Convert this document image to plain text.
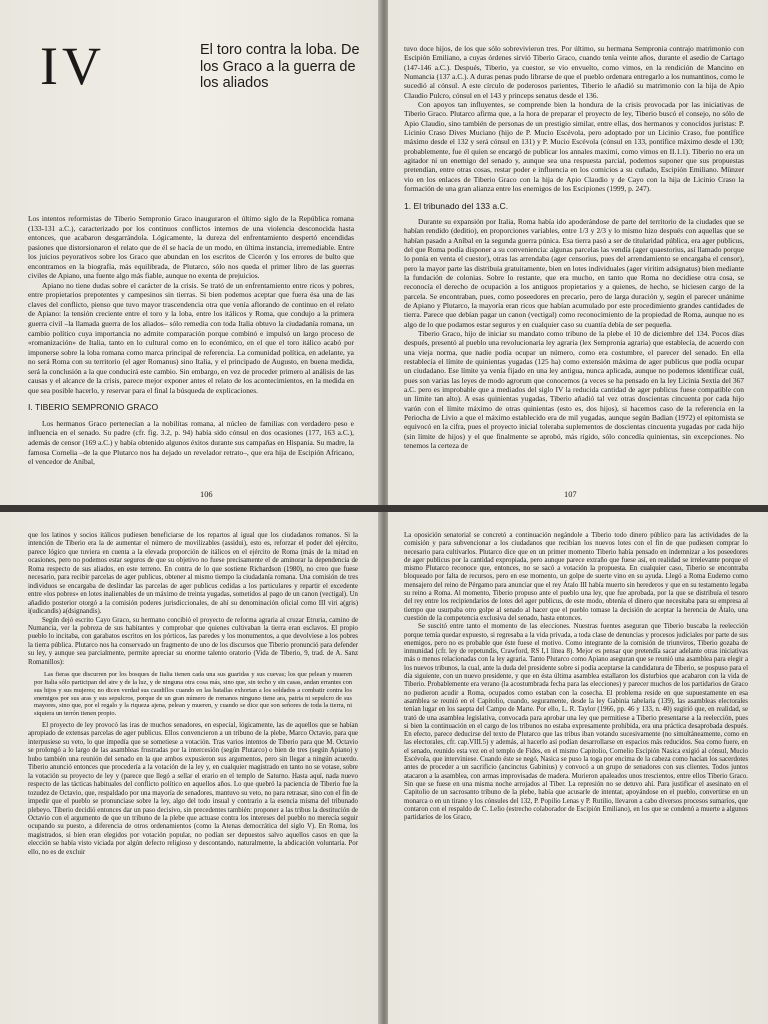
IV	El toro contra la loba. De los Graco a la guerra de los aliados

Los intentos reformistas de Tiberio Sempronio Graco inauguraron el último siglo de la República romana (133-131 a.C.), caracterizado por los continuos conflictos internos de una violencia desconocida hasta entonces, que acabaron desgarrándola. Lógicamente, la dureza del enfrentamiento despertó encendidas pasiones que distorsionaron el relato que de él se hacía de un modo, en última instancia, irremediable. Entre los juicios peyorativos sobre los Graco que abundan en los escritos de Cicerón y los errores de bulto que encontramos en la biografía, más equilibrada, de Plutarco, sólo nos queda el primer libro de las guerras civiles de Apiano, una fuente algo más fiable, aunque no exenta de prejuicios.

Apiano no tiene dudas sobre el carácter de la crisis. Se trató de un enfrentamiento entre ricos y pobres, entre propietarios prepotentes y campesinos sin tierras. Si bien podemos aceptar que fuera ésa una de las claves del conflicto, pienso que tuvo mayor trascendencia otra que venía aflorando de continuo en el relato de Apiano: la tensión creciente entre el toro y la loba, entre los itálicos y Roma, que condujo a la primera guerra civil –la llamada guerra de los aliados– sólo remedia con toda Italia obtuvo la ciudadanía romana, un cambio político cuya importancia no admite comparación porque combinó e impulsó un largo proceso de «romanización» de Italia, tanto en lo cultural como en lo económico, en el que el toro itálico acabó por imponerse sobre la loba romana como marca principal de referencia. La comunidad política, en adelante, ya no será Roma con su territorio (el ager Romanus) sino Italia, y el principado de Augusto, en buena medida, será la conclusión a la que conducirá este cambio. Sin embargo, en vez de proceder primero al análisis de las causas y el alcance de la crisis, parece mejor exponer antes el relato de los acontecimientos, en la medida en que sea posible hacerlo, y reservar para el final la búsqueda de explicaciones.

I. TIBERIO SEMPRONIO GRACO

Los hermanos Graco pertenecían a la nobilitas romana, al núcleo de familias con verdadero peso e influencia en el senado. Su padre (cfr. fig. 3.2, p. 94) había sido cónsul en dos ocasiones (177, 163 a.C.), además de censor (169 a.C.) y había obtenido algunos éxitos durante sus campañas en Hispania. Su madre, la famosa Cornelia –de la que Plutarco nos ha dejado un revelador retrato–, que era hija de Escipión Africano, el vencedor de Aníbal,

106

tuvo doce hijos, de los que sólo sobrevivieron tres. Por último, su hermana Sempronia contrajo matrimonio con Escipión Emiliano, a cuyas órdenes sirvió Tiberio Graco, cuando tenía veinte años, durante el asedio de Cartago (147-146 a.C.). Después, Tiberio, ya cuestor, se vio envuelto, como vimos, en la rendición de Mancino en Numancia (137 a.C.). A duras penas pudo librarse de que el pueblo ordenara entregarlo a los numantinos, como le sucedió al cónsul. A este círculo de poderosos parientes, Tiberio le añadió su matrimonio con la hija de Apio Claudio Pulcro, cónsul en el 143 y princeps senatus desde el 136.

Con apoyos tan influyentes, se comprende bien la hondura de la crisis provocada por las iniciativas de Tiberio Graco. Plutarco afirma que, a la hora de preparar el proyecto de ley, Tiberio buscó el consejo, no sólo de Apio Claudio, sino también de personas de un prestigio similar, entre ellas, dos hermanos y conocidos juristas: P. Licinio Craso Dives Muciano (hijo de P. Mucio Escévola, pero adoptado por un Licinio Craso, fue pontífice máximo desde el 132 y será cónsul en 131) y P. Mucio Escévola (cónsul en 133, pontífice máximo desde el 130; probablemente, fue él quien se encargó de publicar los annales maximi, como vimos en II.1.1). Tiberio no era un agitador ni un enemigo del senado y, aunque sea una respuesta parcial, podemos suponer que sus propuestas pretendían, entre otras cosas, restar poder e influencia en los comicios a su cuñado, Escipión Emiliano. Münzer vio en los enlaces de Tiberio Graco con la hija de Apio Claudio y de Cayo con la hija de Licinio Craso la formación de una gran alianza entre los enemigos de los Escipiones (1999, p. 247).

1. El tribunado del 133 a.C.

Durante su expansión por Italia, Roma había ido apoderándose de parte del territorio de la ciudades que se habían rendido (deditio), en proporciones variables, entre 1/3 y 2/3 y lo mismo hizo después con aquellas que se habían pasado a Aníbal en la segunda guerra púnica. Esa tierra pasó a ser de titularidad pública, era ager publicus, del que Roma podía disponer a su conveniencia: algunas parcelas las vendía (ager quaestorius, así llamado porque lo ponía en venta el cuestor), otras las arrendaba (ager censorius, pues del arrendamiento se encargaba el censor), pero la mayor parte las distribuía gratuitamente, bien en lotes individuales (ager viritim adsignatus) bien mediante la fundación de colonias. Sobre lo restante, que era mucho, en tanto que Roma no decidiese otra cosa, se reconocía el derecho de ocupación a los antiguos propietarios y a quienes, de hecho, se hiciesen cargo de la parcela. Se encontraban, pues, como poseedores en precario, pero de larga duración y, según el parecer unánime de Apiano y Plutarco, la mayoría eran ricos que habían acumulado por este procedimiento grandes cantidades de tierra. Parece que debían pagar un canon (vectigal) como reconocimiento de la propiedad de Roma, aunque no es algo de lo que podamos estar seguros y en cualquier caso su cuantía debía de ser pequeña.

Tiberio Graco, hijo de iniciar su mandato como tribuno de la plebe el 10 de diciembre del 134. Pocos días después, presentó al pueblo una revolucionaria ley agraria (lex Sempronia agraria) que establecía, de acuerdo con una vieja norma, que nadie podía ocupar un número, como era costumbre, el parecer del senado. En ella restablecía el límite de quinientas yugadas (125 ha) como extensión máxima de ager publicus que podía ocupar un ciudadano. Ese límite ya venía fijado en una ley antigua, nunca aplicada, aunque no podemos identificar cuál, pues son varias las leyes de modo agrorum que conocemos (a veces se ha pensado en la ley Licinia Sextia del 367 a.C. pero es improbable que a mediados del siglo IV la reducida cantidad de ager publicus fuese compatible con un límite tan alto). A esas quinientas yugadas, Tiberio añadió tal vez otras doscientas cincuenta por cada hijo varón con el límite máximo de otras quinientas (esto es, dos hijos), si hacemos caso de la referencia en la Periocha de Livio a que el máximo establecido era de mil yugadas, aunque según Badian (1972) el epitomista se equivocó en la cifra, pues el proyecto inicial toleraba suplementos de doscientas cincuenta yugadas por cada hijo (sin límite de hijos) y el que finalmente se aprobó, más rígido, sólo concedía quinientas, sin excepciones. No tenemos la certeza de

107

que los latinos y socios itálicos pudiesen beneficiarse de los repartos al igual que los ciudadanos romanos. Si la intención de Tiberio era la de aumentar el número de movilizables (assidui), esto es, reforzar el poder del ejército, parece lógico que tuviera en cuenta a la elevada proporción de itálicos en el ejército de Roma (más de la mitad en ocasiones, pero no podemos estar seguros de que su objetivo no fuese precisamente el de aminorar la dependencia de Roma respecto de sus aliados, en este terreno. En contra de lo que sostiene Richardson (1980), no creo que fuese necesario, para recibir parcelas de ager publicus, obtener al mismo tiempo la ciudadanía romana. Una comisión de tres individuos se encargaba de deslindar las parcelas de ager publicus cedidas a los particulares y repartir el excedente entre «los pobres» en lotes inalienables de un máximo de treinta yugadas, sometidos al pago de un canon (vectigal). Un añadido posterior otorgó a la comisión poderes jurisdiccionales, de ahí su denominación oficial como III viri a(gris) i(udicandis) a(dsignandis).

Según dejó escrito Cayo Graco, su hermano concibió el proyecto de reforma agraria al cruzar Etruria, camino de Numancia, ver la pobreza de sus habitantes y comprobar que quienes cultivaban la tierra eran esclavos. El propio pueblo lo incitaba, con garabatos escritos en los pórticos, las paredes y los monumentos, a que devolviese a los pobres la tierra pública. Plutarco nos ha conservado un fragmento de uno de los discursos que Tiberio pronunció para defender su ley, y aunque sea parcialmente, permite apreciar su enorme talento oratorio (Vida de Tiberio, 9, trad. de A. Sanz Romanillos):

Las fieras que discurren por los bosques de Italia tienen cada una sus guaridas y sus cuevas; los que pelean y mueren por Italia sólo participan del aire y de la luz, y de ninguna otra cosa más, sino que, sin techo y sin casas, andan errantes con sus hijos y sus mujeres; no dicen verdad sus caudillos cuando en las batallas exhortan a los soldados a combatir contra los enemigos por sus aras y sus sepulcros, porque de un gran número de romanos ninguno tiene ara, patria ni sepulcro de sus mayores, sino que, por el regalo y la riqueza ajena, pelean y mueren, y cuando se dice que son señores de toda la tierra, ni siquiera un terrón tienen propio.

El proyecto de ley provocó las iras de muchos senadores, en especial, lógicamente, las de aquellos que se habían apropiado de extensas parcelas de ager publicus. Ellos convencieron a un tribuno de la plebe, Marco Octavio, para que interpusiese su veto, lo que impedía que se sometiese a votación. Tras varios intentos de Tiberio para que M. Octavio se prolongó a lo largo de las asambleas frustradas por la intercesión (según Plutarco) o bien de tres (según Apiano) y hubo también una reunión del senado en la que ambos expusieron sus argumentos, pero sin llegar a ningún acuerdo. Tiberio anunció entonces que procedería a la votación de la ley y, en cualquier magistrado en tanto no se votase, sobre la votación su proyecto de ley y (parece que llegó a sellar el erario en el templo de Saturno. Hasta aquí, nada nuevo respecto de las tácticas habituales del conflicto político en aquellos años. Lo que quebró la paciencia de Tiberio fue la tozudez de Octavio, que, respaldado por una mayoría de senadores, mantuvo su veto, no para retrasar, sino con el fin de impedir que el pueblo se pronunciase sobre la ley, algo del todo insual y contrario a la esencia misma del tribunado plebeyo. Tiberio decidió entonces dar un paso decisivo, sin precedentes también: proponer a las tribus la destitución de Octavio con el argumento de que un tribuno de la plebe que actuase contra los intereses del pueblo no merecía seguir ocupando su puesto, a diferencia de otros ordenamientos (como la Atenas democrática del siglo V). En Roma, los magistrados, si bien eran elegidos por votación popular, no podían ser depuestos salvo aquellos casos en que la elección se había visto viciada por algún defecto religioso y descontando, naturalmente, la abdicación voluntaria. Por ello, no es de excluir

La oposición senatorial se concretó a continuación negándole a Tiberio todo dinero público para las actividades de la comisión y para subvencionar a los ciudadanos que recibían los nuevos lotes con el fin de que pudiesen comprar lo necesario para cultivarlos. Plutarco dice que en un primer momento Tiberio había pensado en indemnizar a los poseedores de ager publicus por la cantidad expropiada, pero aunque parece extraño que fuese así, en realidad se irrelevante porque el mismo Plutarco reconoce que, entonces, no se sacó a votación la propuesta. En cualquier caso, Tiberio se encontraba bloqueado por falta de recursos, pero en ese momento, un golpe de suerte vino en su ayuda. Llegó a Roma Eudemo como mensajero del reino de Pérgamo para anunciar que el rey Átalo III había muerto sin herederos y que en su testamento legaba su reino a Roma. Al momento, Tiberio propuso ante el pueblo una ley, que fue aprobada, por la que se distribuía el tesoro del rey entre los recipiendarios de lotes del ager publicus, de este modo, obtenía el dinero que necesitaba para su empresa al tiempo que usurpaba otro golpe al senado al hacer que el pueblo tomase la decisión de aceptar la herencia de Átalo, una cuestión de la competencia exclusiva del senado, hasta entonces.

Se suscitó entre tanto el momento de las elecciones. Nuestras fuentes aseguran que Tiberio buscaba la reelección porque temía quedar expuesto, si regresaba a la vida privada, a toda clase de denuncias y procesos judiciales por parte de sus enemigos, pero no es probable que éste fuese el motivo. Como integrante de la comisión de triunviros, Tiberio gozaba de inmunidad (cfr. ley de repetundis, Crawford, RS I,1 línea 8). Mejor es pensar que pretendía sacar adelante otras iniciativas más o menos relacionadas con la ley agraria. Tanto Plutarco como Apiano aseguran que se reunió una asamblea para elegir a los nuevos tribunos, la cual, ante la duda del presidente sobre si podía aceptarse la candidatura de Tiberio, se pospuso para el día siguiente, con un nuevo presidente, y que en ésta última asamblea estallaron los disturbios que acabaron con la vida de Tiberio. Probablemente era verano (la acostumbrada fecha para las elecciones) y parecer muchos de los partidarios de Graco no pudieron acudir a Roma, ocupados como estaban con la cosecha. El problema reside en que supuestamente en esa asamblea se reunió en el Capitolio, cuando, seguramente, desde la ley Gabinia tabelaria (139), las asambleas electorales tenían lugar en los saepta del Campo de Marte. Por ello, L. R. Taylor (1966, pp. 46 y 133, n. 40) sugirió que, en realidad, se trató de una asamblea legislativa, convocada para aprobar una ley que permitiese a Tiberio presentarse a la reelección, pues si bien la continuación en el cargo de los tribunos no estaba expresamente prohibida, era una práctica desaprobada después. En efecto, parece deducirse del texto de Plutarco que las tribus iban votando sucesivamente (no simultáneamente, como en las electorales, cfr. cap.VIII.5) y además, al hacerlo así podían desarrollarse en espacios más reducidos. Sea como fuere, en el senado, reunido esta vez en el templo de Fides, en el mismo Capitolio, Cornelio Escipión Nasica exigió al cónsul, Mucio Escévola, que interviniese. Cuando éste se negó, Nasica se puso la toga por encima de la cabeza como hacían los sacerdotes antes de proceder a un sacrificio (ancinctus Gabinius) y convocó a un grupo de senadores con sus clientes. Todos juntos atacaron a la asamblea, con armas improvisadas de madera. Murieron apaleados unos trescientos, entre ellos Tiberio Graco. Sin que se fuese en una misma noche arrojados al Tíber. La represión no se detuvo ahí. Para justificar el asesinato en el Capitolio de un sacrosanto tribuno de la plebe, había que acusarle de intentar, apoyándose en el pueblo, convertirse en un monarca o en un tirano y los cónsules del 132, P. Popilio Lenas y P. Rutilio, llevaron a cabo diversos procesos sumarios, que contaron con el respaldo de C. Lelio (estrecho colaborador de Escipión Emiliano), en los que se condenó a muerte a algunos partidarios de los Graco,
